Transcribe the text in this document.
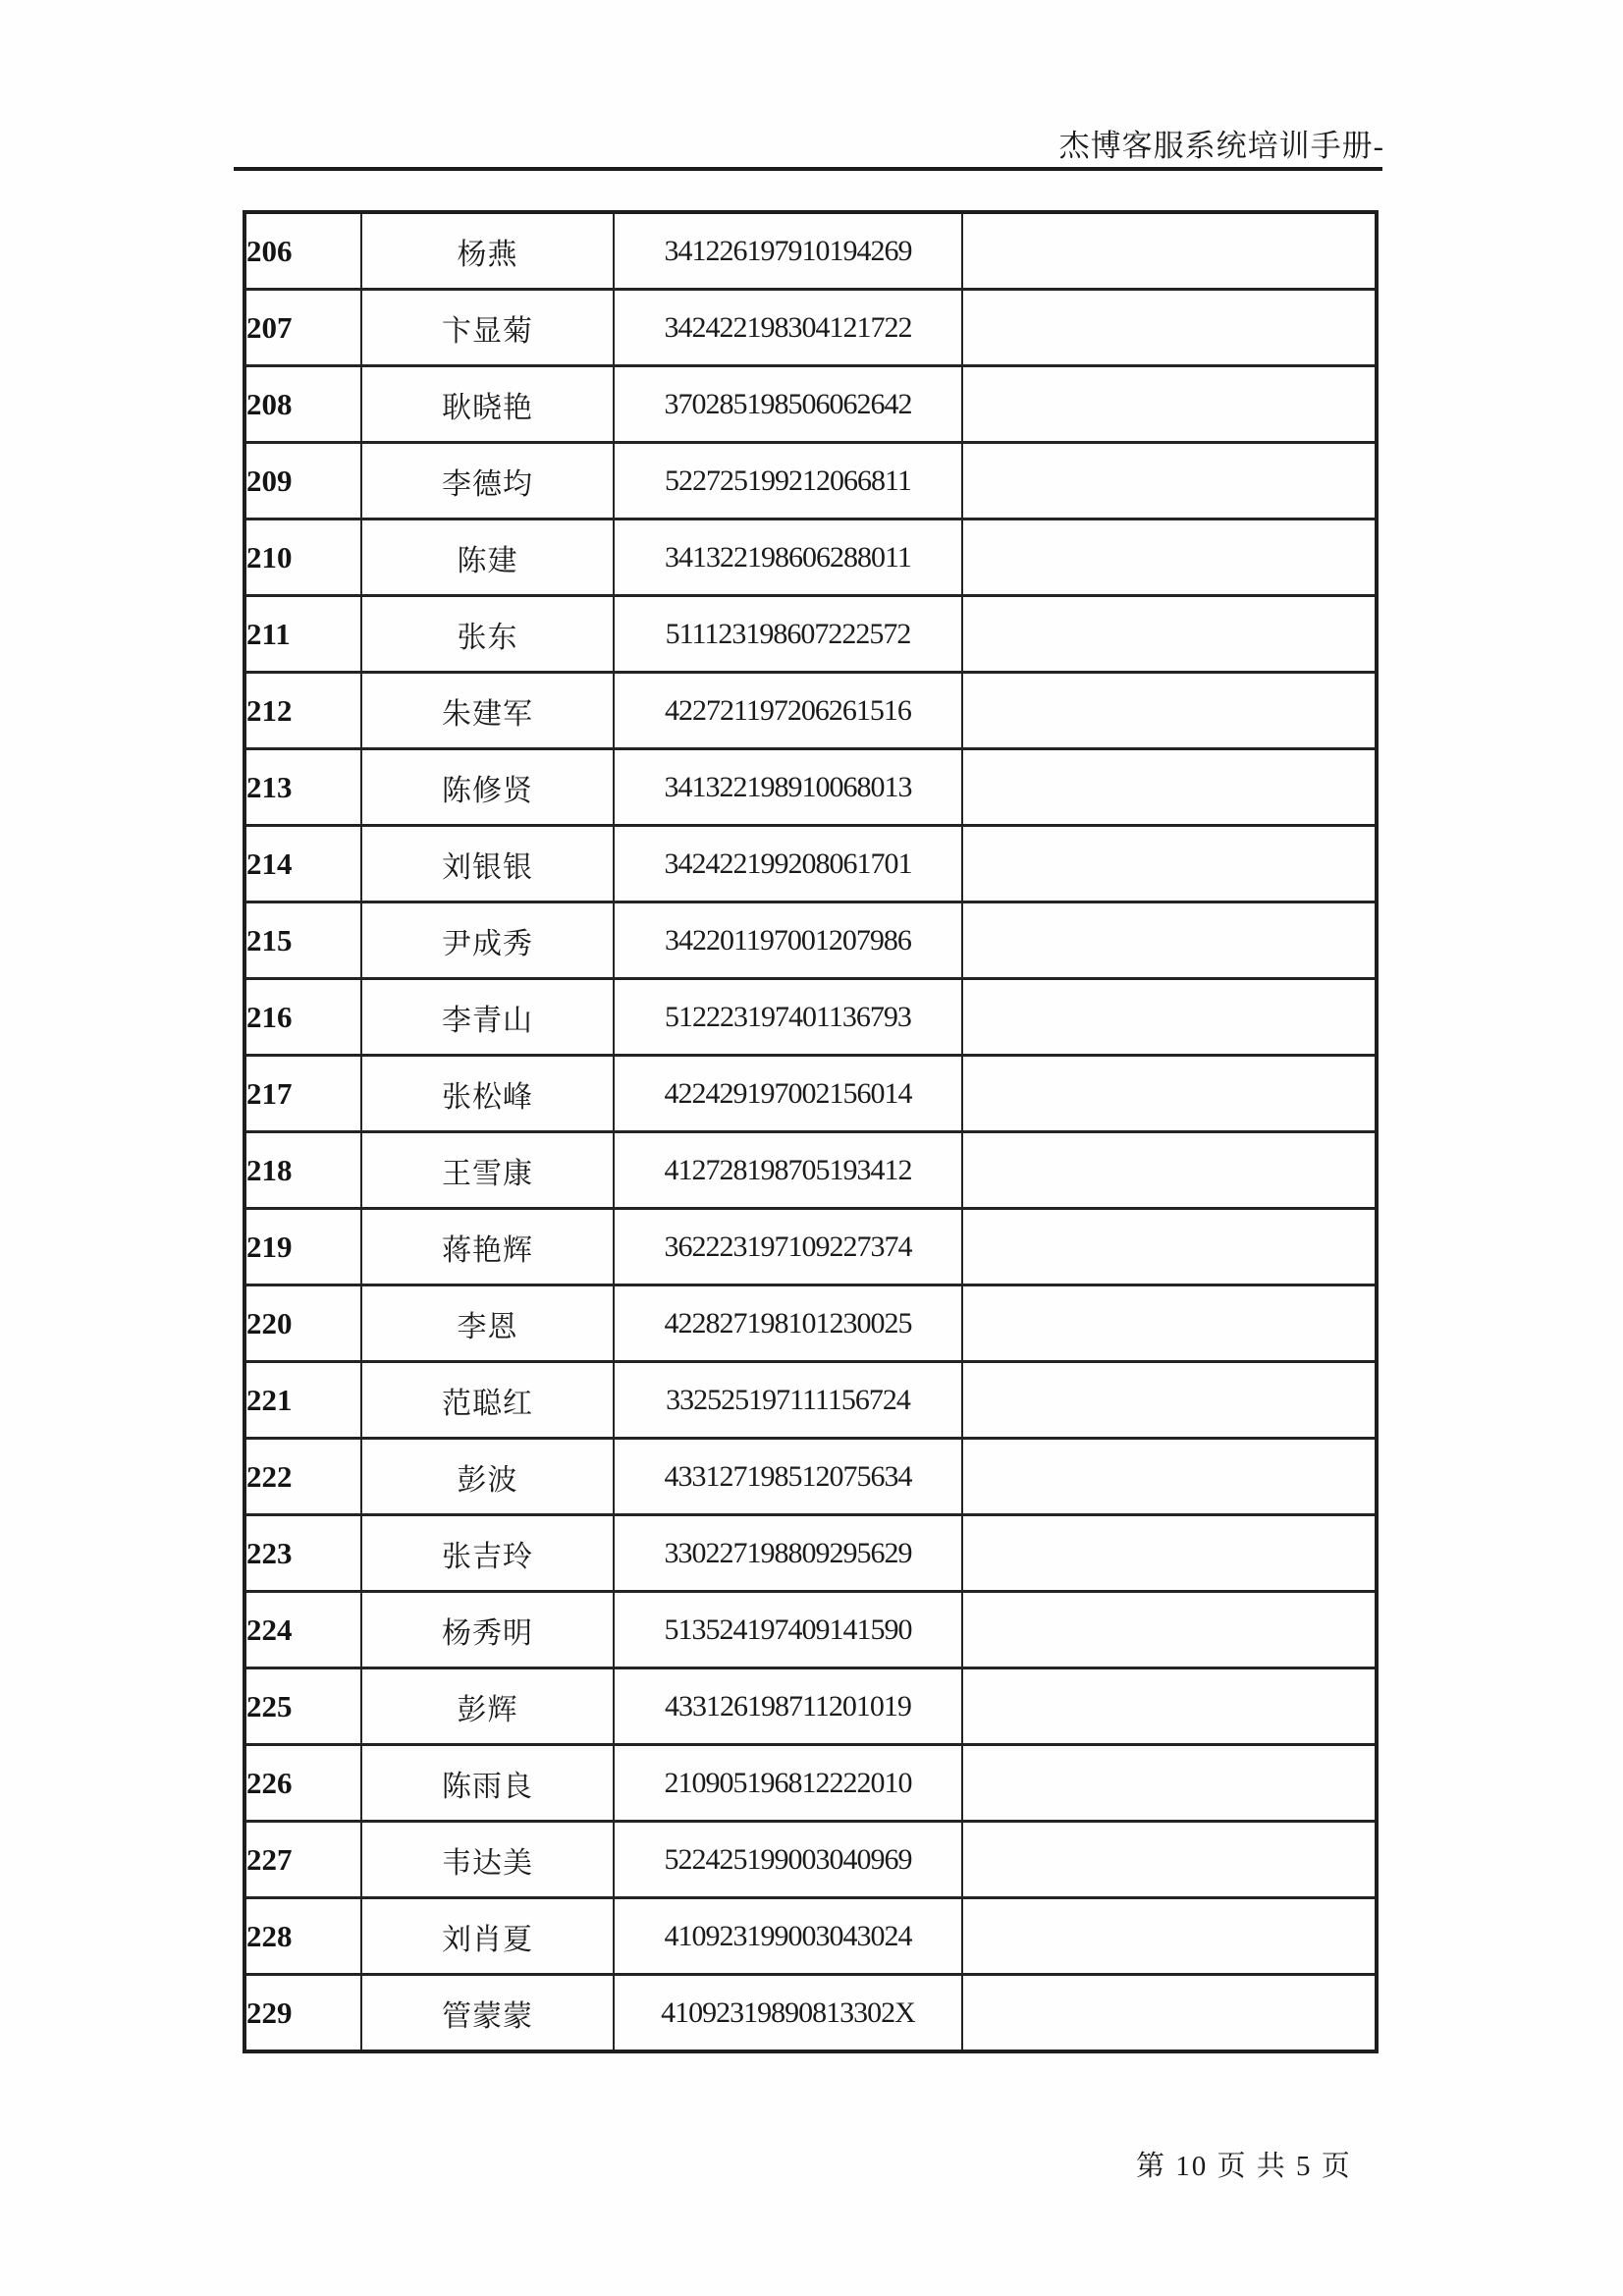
杰博客服系统培训手册-
206	杨燕	341226197910194269	
207	卞显菊	342422198304121722	
208	耿晓艳	370285198506062642	
209	李德均	522725199212066811	
210	陈建	341322198606288011	
211	张东	511123198607222572	
212	朱建军	422721197206261516	
213	陈修贤	341322198910068013	
214	刘银银	342422199208061701	
215	尹成秀	342201197001207986	
216	李青山	512223197401136793	
217	张松峰	422429197002156014	
218	王雪康	412728198705193412	
219	蒋艳辉	362223197109227374	
220	李恩	422827198101230025	
221	范聪红	332525197111156724	
222	彭波	433127198512075634	
223	张吉玲	330227198809295629	
224	杨秀明	513524197409141590	
225	彭辉	433126198711201019	
226	陈雨良	210905196812222010	
227	韦达美	522425199003040969	
228	刘肖夏	410923199003043024	
229	管蒙蒙	41092319890813302X	
第 10 页 共 5 页
